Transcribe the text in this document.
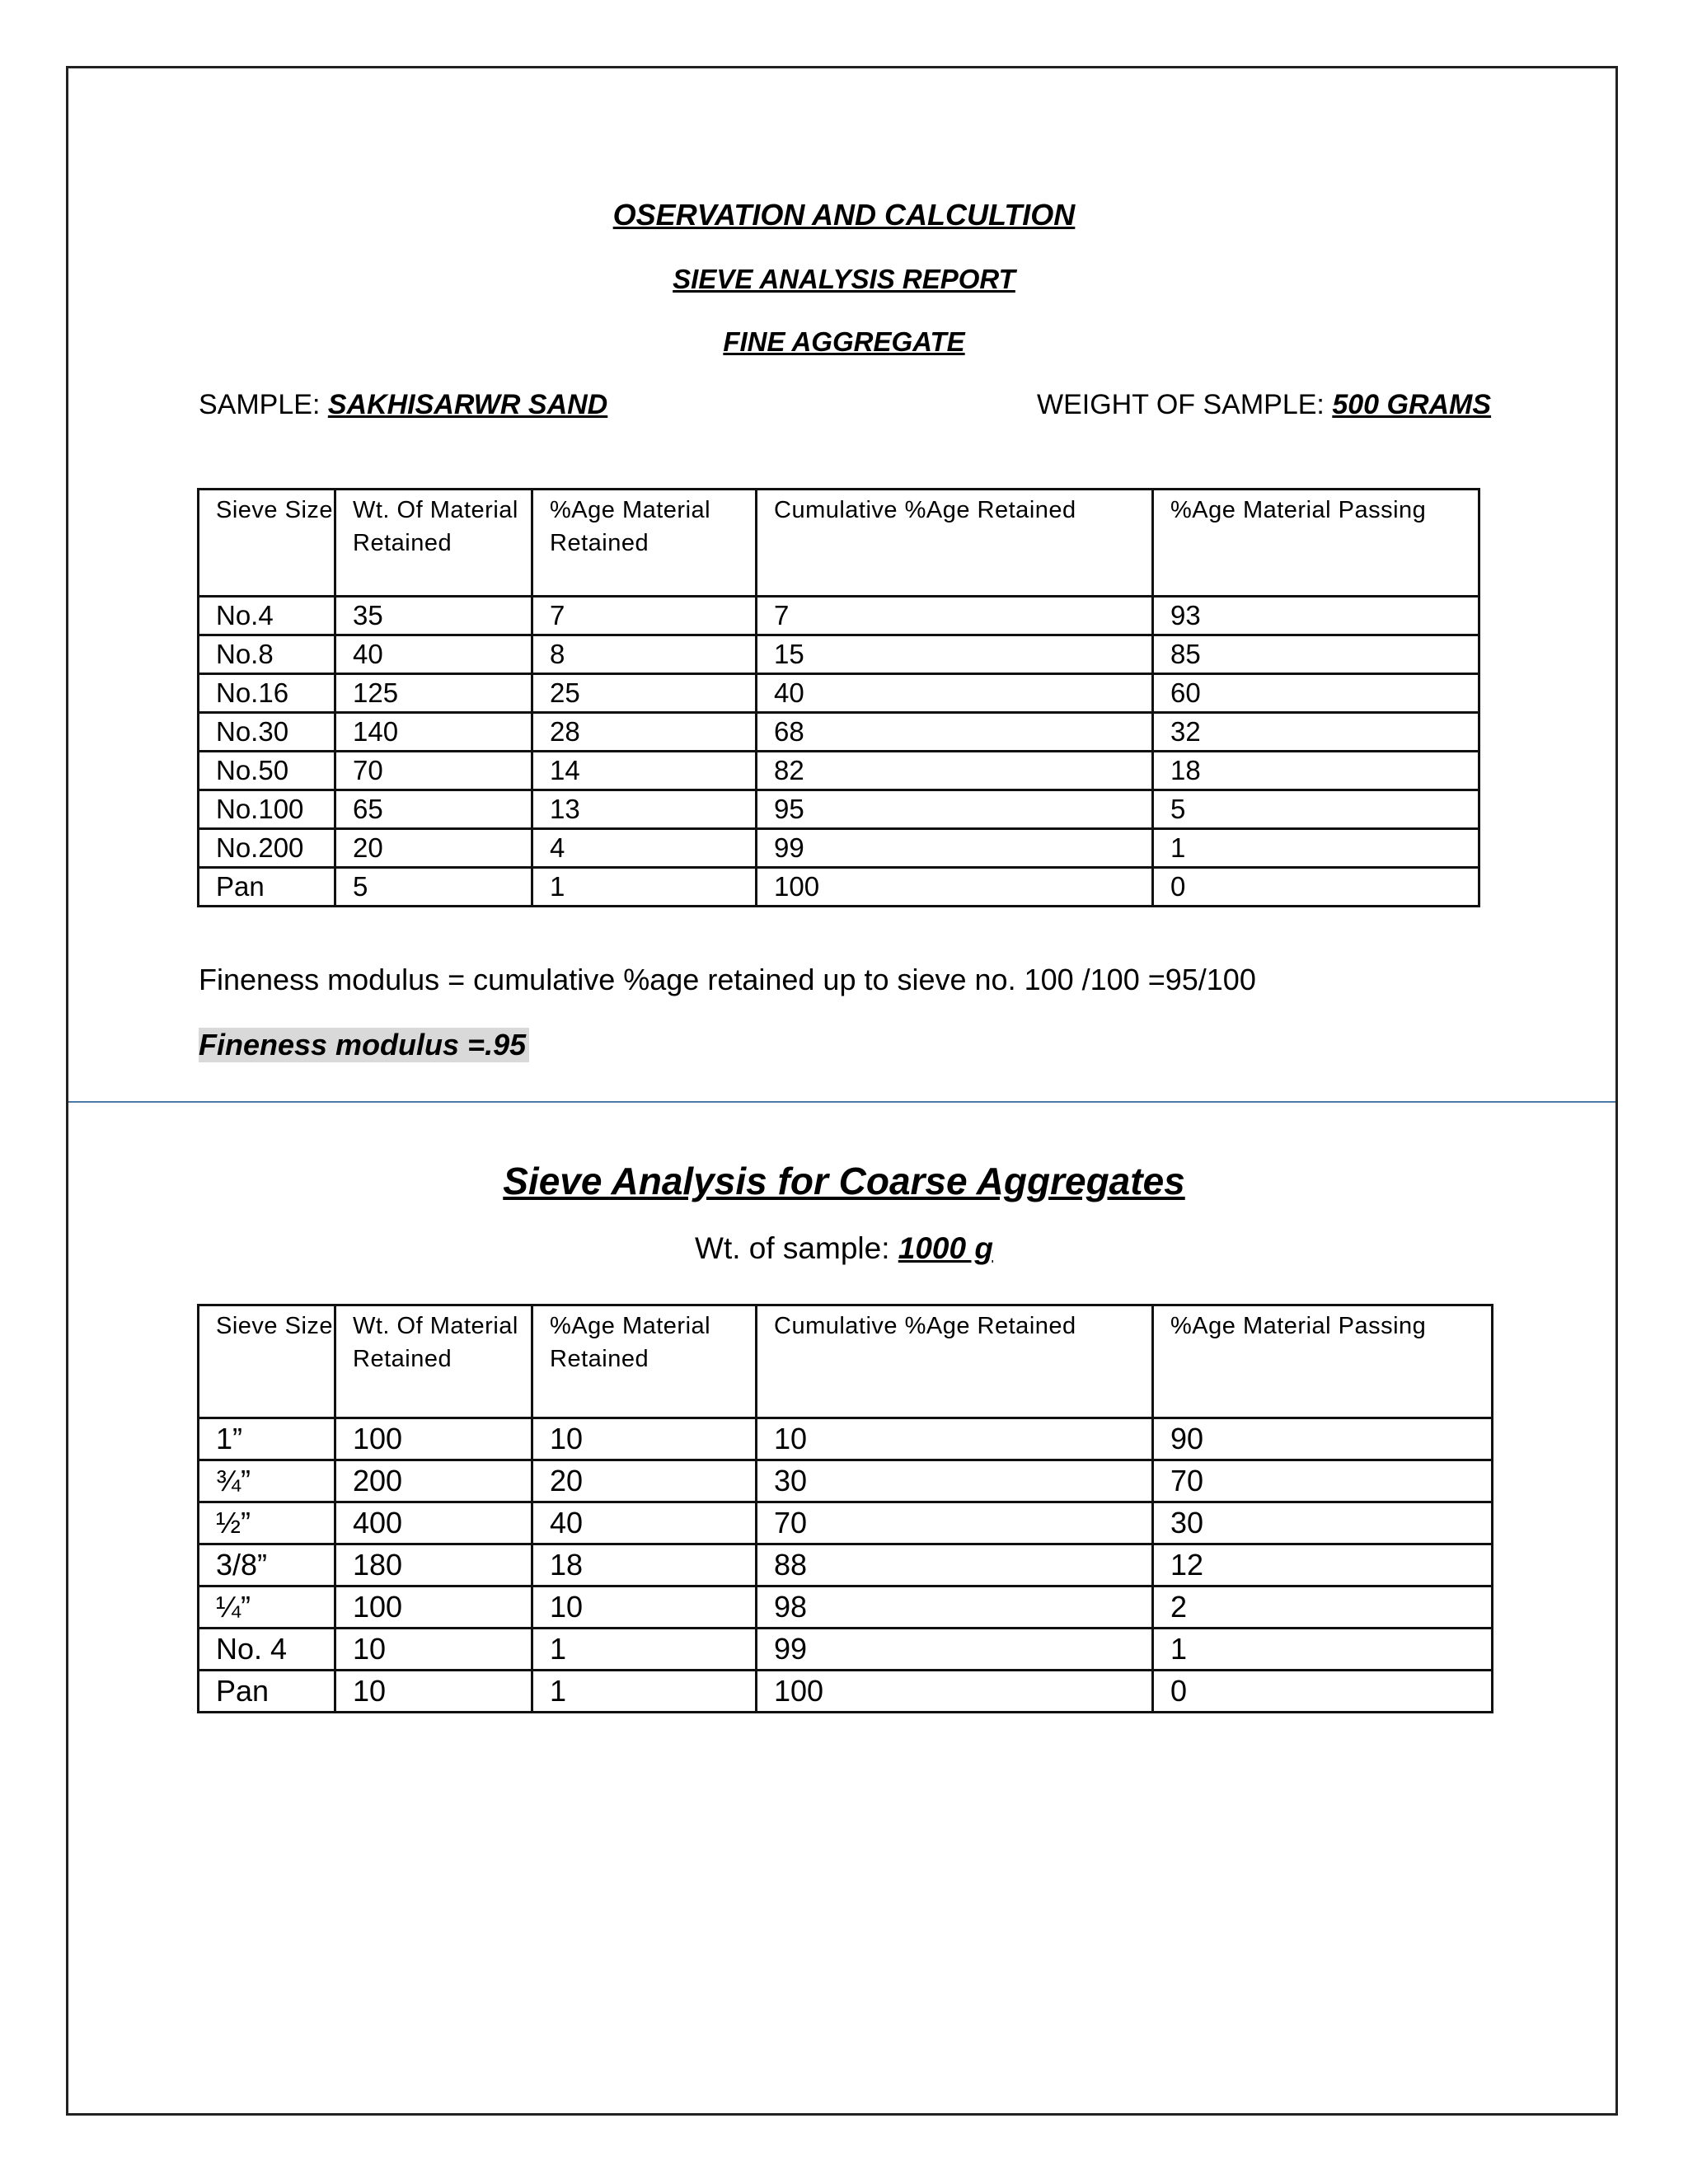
OSERVATION AND CALCULTION
SIEVE ANALYSIS REPORT
FINE AGGREGATE
SAMPLE: SAKHISARWR SAND	WEIGHT OF SAMPLE: 500 GRAMS
Sieve Size	Wt. Of Material Retained	%Age Material Retained	Cumulative %Age Retained	%Age Material Passing
No.4	35	7	7	93
No.8	40	8	15	85
No.16	125	25	40	60
No.30	140	28	68	32
No.50	70	14	82	18
No.100	65	13	95	5
No.200	20	4	99	1
Pan	5	1	100	0
Fineness modulus = cumulative %age retained up to sieve no. 100 /100 =95/100
Fineness modulus =.95
Sieve Analysis for Coarse Aggregates
Wt. of sample: 1000 g
Sieve Size	Wt. Of Material Retained	%Age Material Retained	Cumulative %Age Retained	%Age Material Passing
1”	100	10	10	90
¾”	200	20	30	70
½”	400	40	70	30
3/8”	180	18	88	12
¼”	100	10	98	2
No. 4	10	1	99	1
Pan	10	1	100	0
